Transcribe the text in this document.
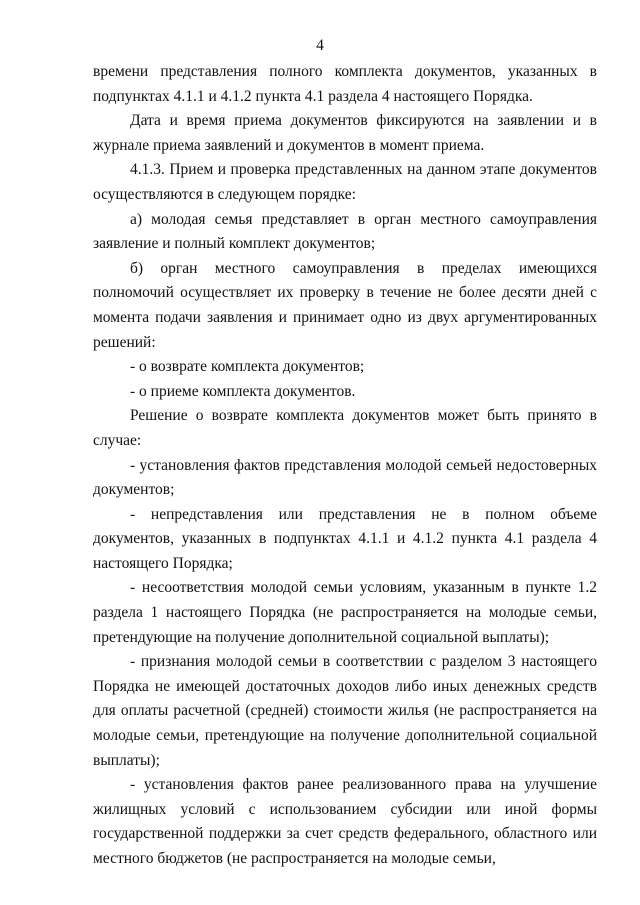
4

времени представления полного комплекта документов, указанных в подпунктах 4.1.1 и 4.1.2 пункта 4.1 раздела 4 настоящего Порядка.

Дата и время приема документов фиксируются на заявлении и в журнале приема заявлений и документов в момент приема.

4.1.3. Прием и проверка представленных на данном этапе документов осуществляются в следующем порядке:

а) молодая семья представляет в орган местного самоуправления заявление и полный комплект документов;

б) орган местного самоуправления в пределах имеющихся полномочий осуществляет их проверку в течение не более десяти дней с момента подачи заявления и принимает одно из двух аргументированных решений:

- о возврате комплекта документов;

- о приеме комплекта документов.

Решение о возврате комплекта документов может быть принято в случае:

- установления фактов представления молодой семьей недостоверных документов;

- непредставления или представления не в полном объеме документов, указанных в подпунктах 4.1.1 и 4.1.2 пункта 4.1 раздела 4 настоящего Порядка;

- несоответствия молодой семьи условиям, указанным в пункте 1.2 раздела 1 настоящего Порядка (не распространяется на молодые семьи, претендующие на получение дополнительной социальной выплаты);

- признания молодой семьи в соответствии с разделом 3 настоящего Порядка не имеющей достаточных доходов либо иных денежных средств для оплаты расчетной (средней) стоимости жилья (не распространяется на молодые семьи, претендующие на получение дополнительной социальной выплаты);

- установления фактов ранее реализованного права на улучшение жилищных условий с использованием субсидии или иной формы государственной поддержки за счет средств федерального, областного или местного бюджетов (не распространяется на молодые семьи,
